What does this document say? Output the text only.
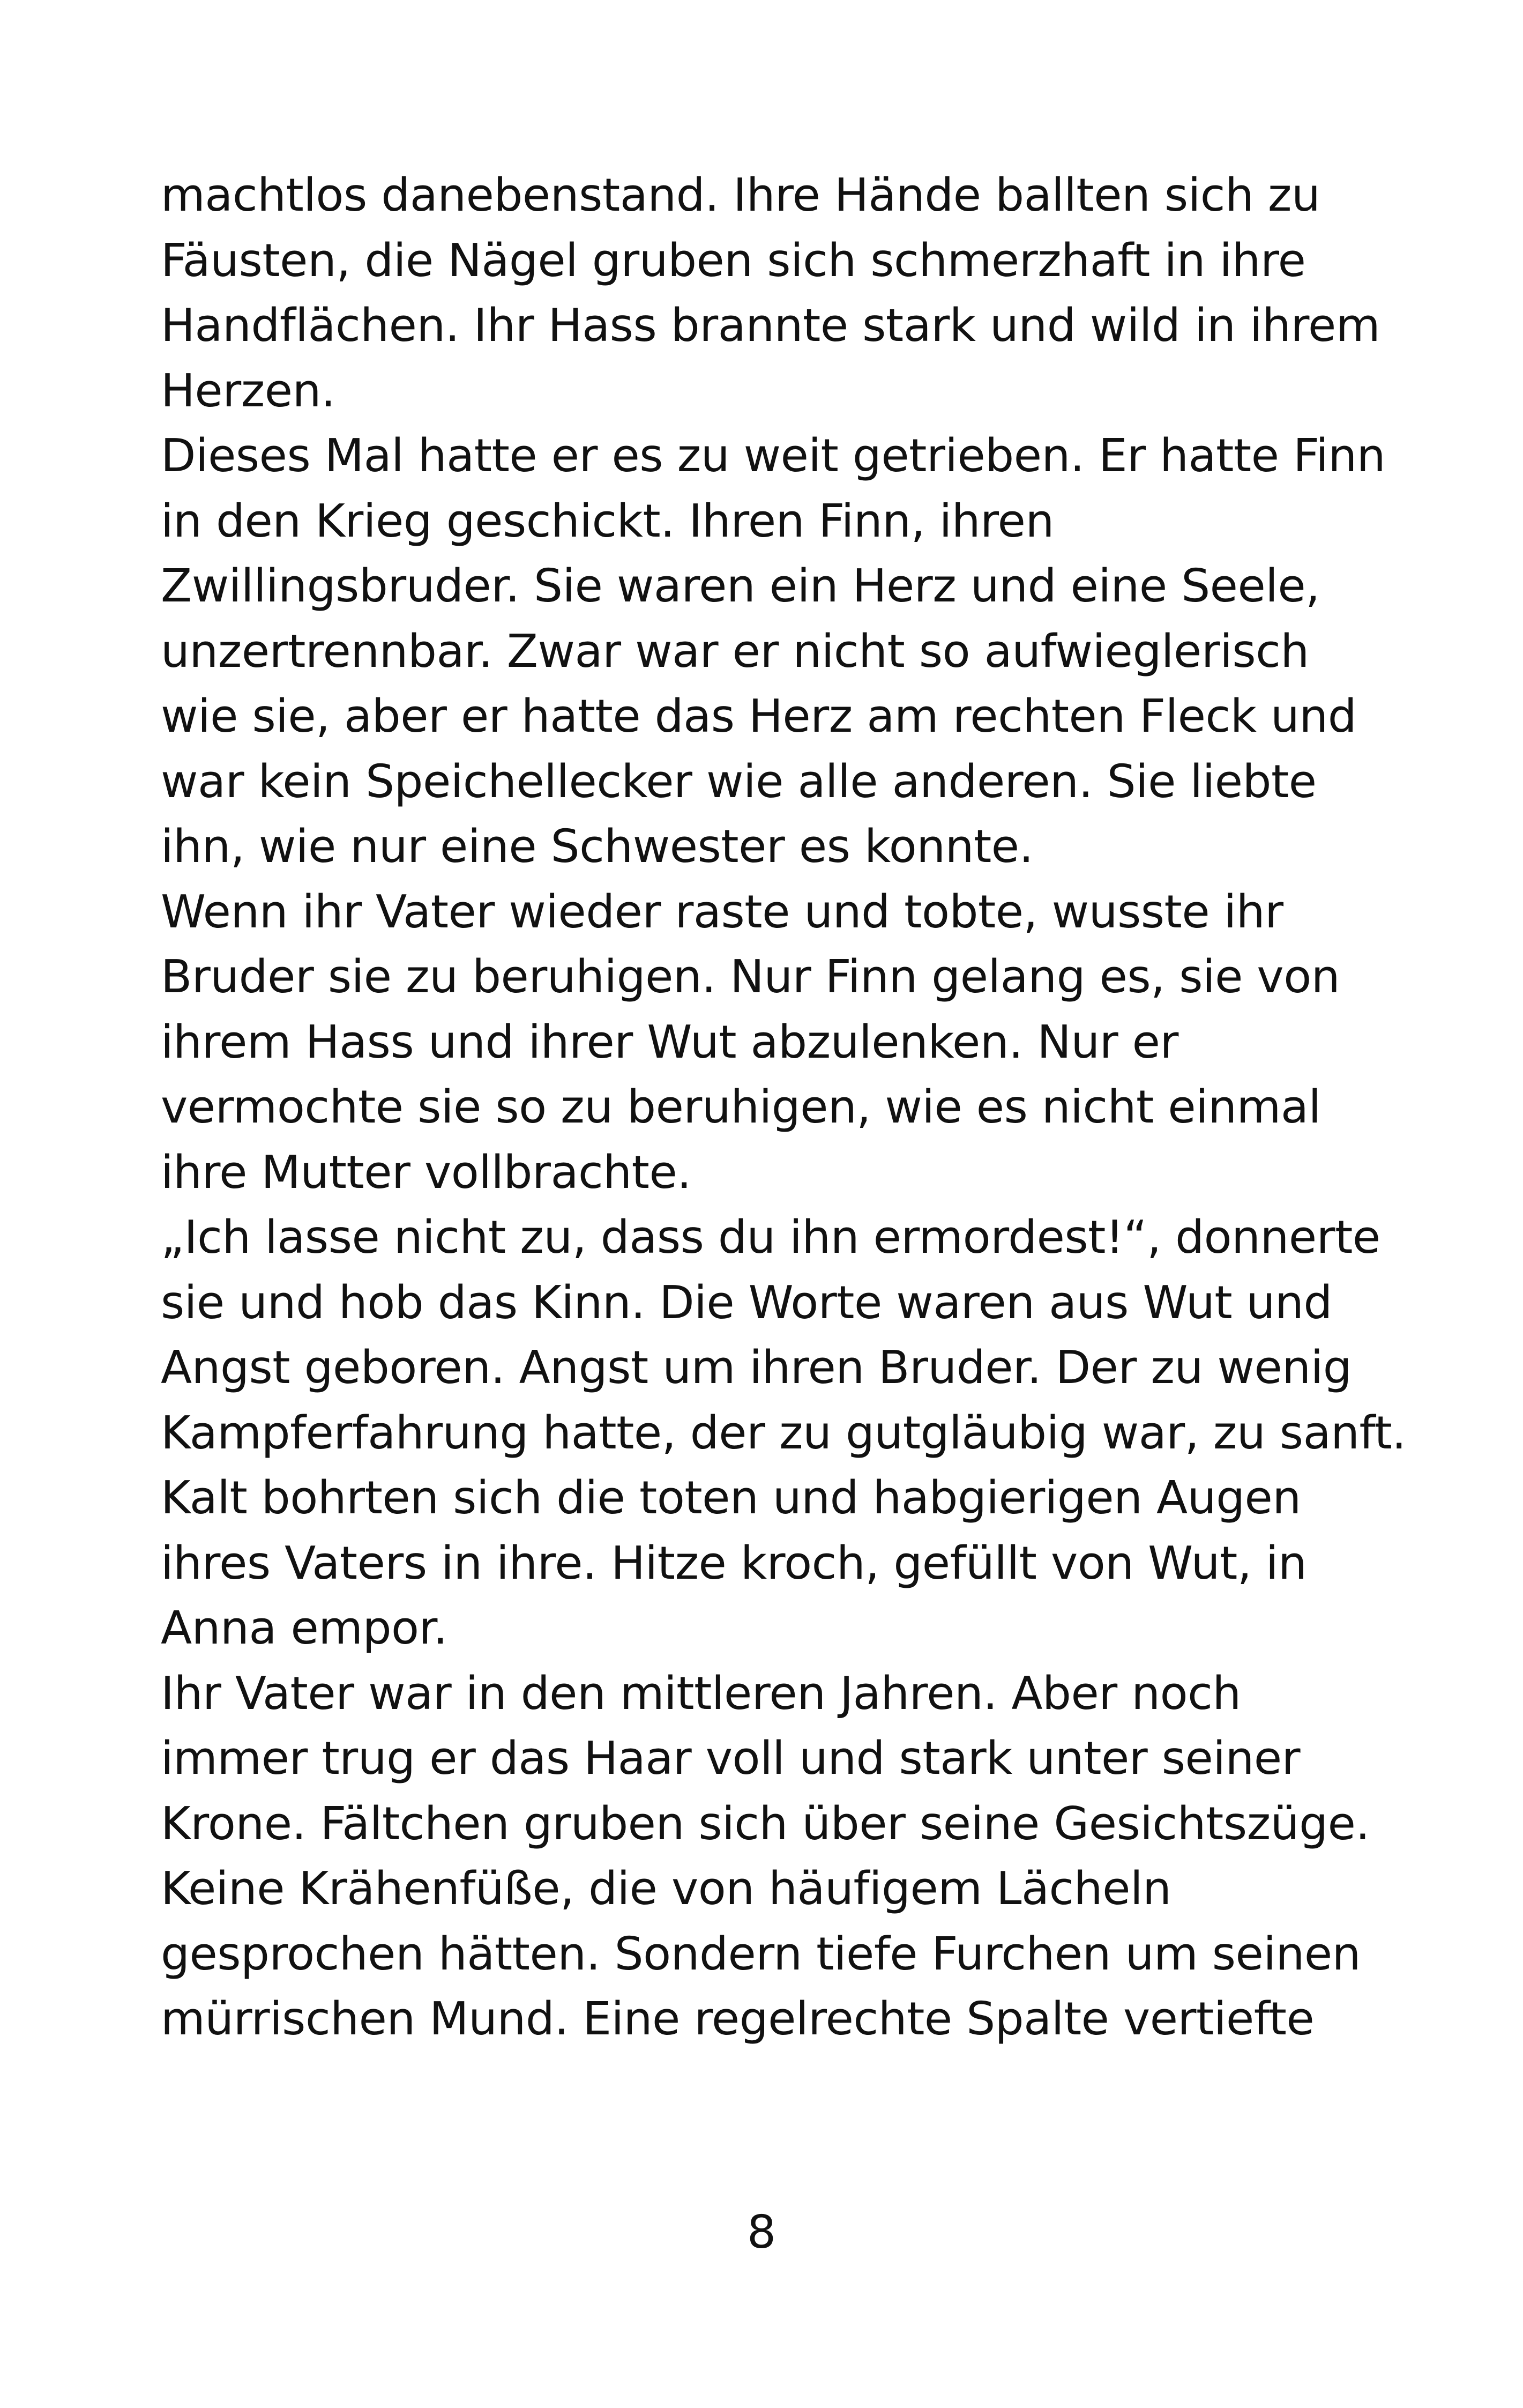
machtlos danebenstand. Ihre Hände ballten sich zu
Fäusten, die Nägel gruben sich schmerzhaft in ihre
Handflächen. Ihr Hass brannte stark und wild in ihrem
Herzen.
Dieses Mal hatte er es zu weit getrieben. Er hatte Finn
in den Krieg geschickt. Ihren Finn, ihren
Zwillingsbruder. Sie waren ein Herz und eine Seele,
unzertrennbar. Zwar war er nicht so aufwieglerisch
wie sie, aber er hatte das Herz am rechten Fleck und
war kein Speichellecker wie alle anderen. Sie liebte
ihn, wie nur eine Schwester es konnte.
Wenn ihr Vater wieder raste und tobte, wusste ihr
Bruder sie zu beruhigen. Nur Finn gelang es, sie von
ihrem Hass und ihrer Wut abzulenken. Nur er
vermochte sie so zu beruhigen, wie es nicht einmal
ihre Mutter vollbrachte.
„Ich lasse nicht zu, dass du ihn ermordest!“, donnerte
sie und hob das Kinn. Die Worte waren aus Wut und
Angst geboren. Angst um ihren Bruder. Der zu wenig
Kampferfahrung hatte, der zu gutgläubig war, zu sanft.
Kalt bohrten sich die toten und habgierigen Augen
ihres Vaters in ihre. Hitze kroch, gefüllt von Wut, in
Anna empor.
Ihr Vater war in den mittleren Jahren. Aber noch
immer trug er das Haar voll und stark unter seiner
Krone. Fältchen gruben sich über seine Gesichtszüge.
Keine Krähenfüße, die von häufigem Lächeln
gesprochen hätten. Sondern tiefe Furchen um seinen
mürrischen Mund. Eine regelrechte Spalte vertiefte
8
